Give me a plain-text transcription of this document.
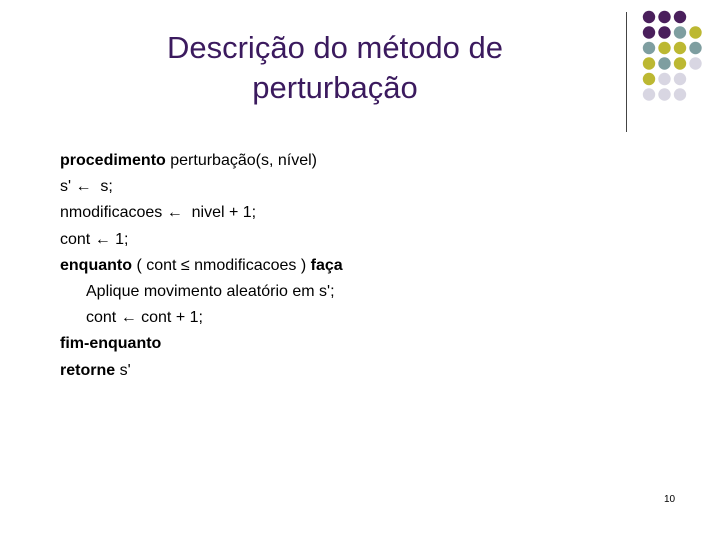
Descrição do método de
perturbação
procedimento perturbação(s, nível)
s' ←  s;
nmodificacoes ←  nivel + 1;
cont ← 1;
enquanto ( cont ≤ nmodificacoes ) faça
Aplique movimento aleatório em s';
cont ← cont + 1;
fim-enquanto
retorne s'
10
